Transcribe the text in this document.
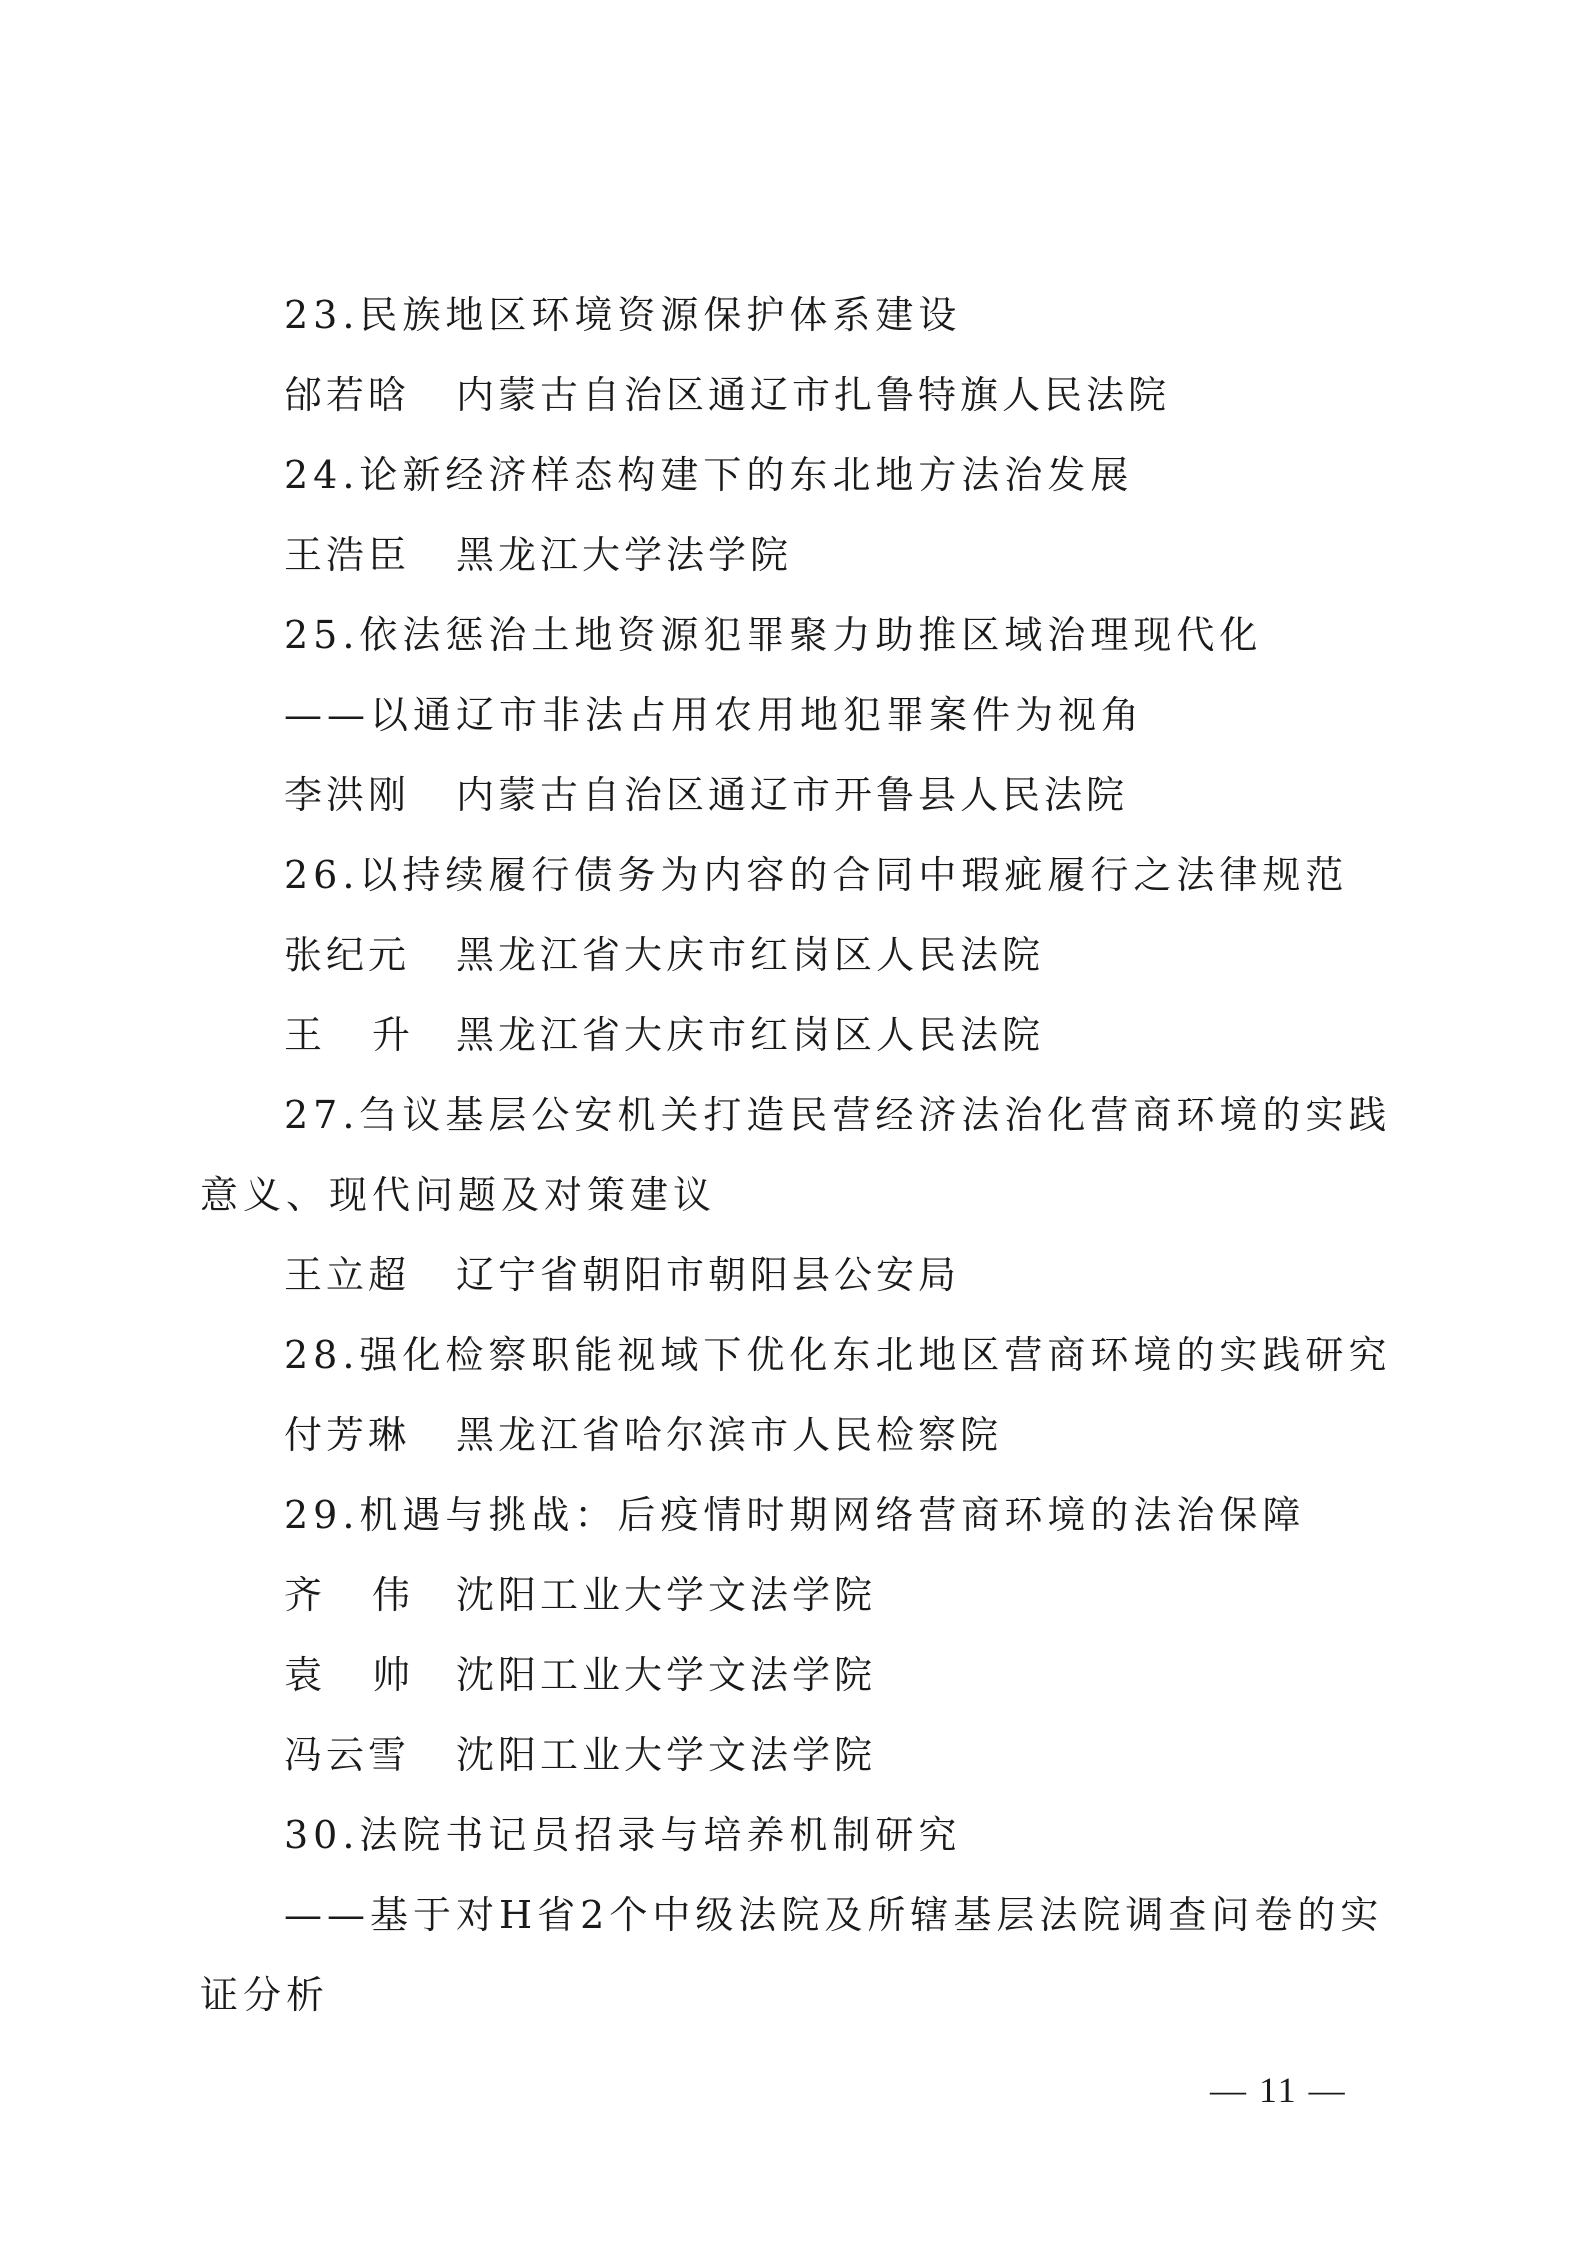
23.民族地区环境资源保护体系建设
邰若晗 内蒙古自治区通辽市扎鲁特旗人民法院
24.论新经济样态构建下的东北地方法治发展
王浩臣 黑龙江大学法学院
25.依法惩治土地资源犯罪聚力助推区域治理现代化
——以通辽市非法占用农用地犯罪案件为视角
李洪刚 内蒙古自治区通辽市开鲁县人民法院
26.以持续履行债务为内容的合同中瑕疵履行之法律规范
张纪元 黑龙江省大庆市红岗区人民法院
王升黑龙江省大庆市红岗区人民法院
27.刍议基层公安机关打造民营经济法治化营商环境的实践
意义、现代问题及对策建议
王立超 辽宁省朝阳市朝阳县公安局
28.强化检察职能视域下优化东北地区营商环境的实践研究
付芳琳 黑龙江省哈尔滨市人民检察院
29.机遇与挑战：后疫情时期网络营商环境的法治保障
齐伟沈阳工业大学文法学院
袁帅沈阳工业大学文法学院
冯云雪 沈阳工业大学文法学院
30.法院书记员招录与培养机制研究
——基于对H省2个中级法院及所辖基层法院调查问卷的实
证分析
— 11 —
